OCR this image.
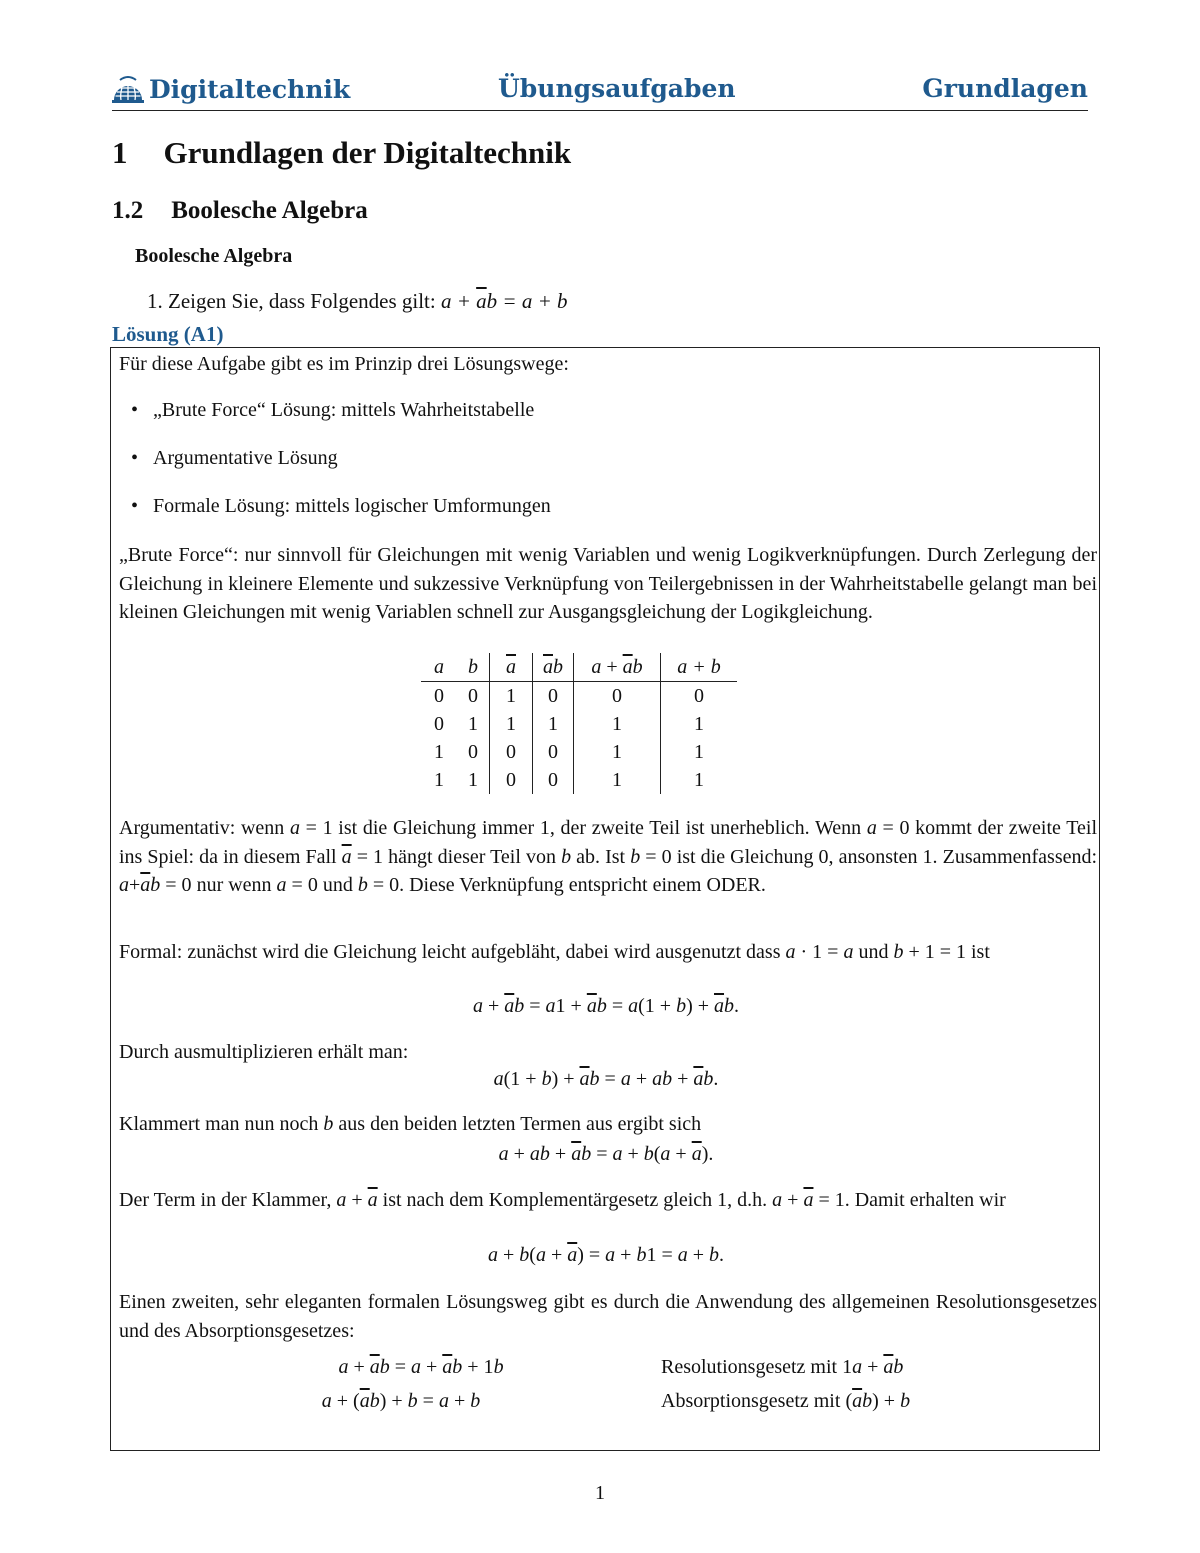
Digitaltechnik	Übungsaufgaben	Grundlagen
1 Grundlagen der Digitaltechnik
1.2 Boolesche Algebra
Boolesche Algebra
1. Zeigen Sie, dass Folgendes gilt: $a + \overline{a}b = a + b$
Lösung (A1)
Für diese Aufgabe gibt es im Prinzip drei Lösungswege:
• „Brute Force“ Lösung: mittels Wahrheitstabelle
• Argumentative Lösung
• Formale Lösung: mittels logischer Umformungen
„Brute Force“: nur sinnvoll für Gleichungen mit wenig Variablen und wenig Logikverknüpfungen. Durch Zerlegung der Gleichung in kleinere Elemente und sukzessive Verknüpfung von Teilergebnissen in der Wahrheitstabelle gelangt man bei kleinen Gleichungen mit wenig Variablen schnell zur Ausgangsgleichung der Logikgleichung.
a	b	$\overline{a}$	$\overline{a}b$	$a + \overline{a}b$	a + b
0	0	1	0	0	0
0	1	1	1	1	1
1	0	0	0	1	1
1	1	0	0	1	1
Argumentativ: wenn a = 1 ist die Gleichung immer 1, der zweite Teil ist unerheblich. Wenn a = 0 kommt der zweite Teil ins Spiel: da in diesem Fall $\overline{a} = 1$ hängt dieser Teil von b ab. Ist b = 0 ist die Gleichung 0, ansonsten 1. Zusammenfassend: $a+\overline{a}b = 0$ nur wenn a = 0 und b = 0. Diese Verknüpfung entspricht einem ODER.
Formal: zunächst wird die Gleichung leicht aufgebläht, dabei wird ausgenutzt dass a · 1 = a und b + 1 = 1 ist
$a + \overline{a}b = a1 + \overline{a}b = a(1 + b) + \overline{a}b$.
Durch ausmultiplizieren erhält man:
$a(1 + b) + \overline{a}b = a$ + ab + $\overline{a}b$.
Klammert man nun noch b aus den beiden letzten Termen aus ergibt sich
a + ab + $\overline{a}b = a + b(a + \overline{a})$.
Der Term in der Klammer, $a + \overline{a}$ ist nach dem Komplementärgesetz gleich 1, d.h. $a + \overline{a} = 1$. Damit erhalten wir
$a + b(a + \overline{a}) = a + b1 = a + b$.
Einen zweiten, sehr eleganten formalen Lösungsweg gibt es durch die Anwendung des allgemeinen Resolutionsgesetzes und des Absorptionsgesetzes:
$a + \overline{a}b = a + \overline{a}b + 1b$	Resolutionsgesetz mit $1a + \overline{a}b$
$a + (\overline{a}b) + b = a + b$	Absorptionsgesetz mit $(\overline{a}b) + b$
1
